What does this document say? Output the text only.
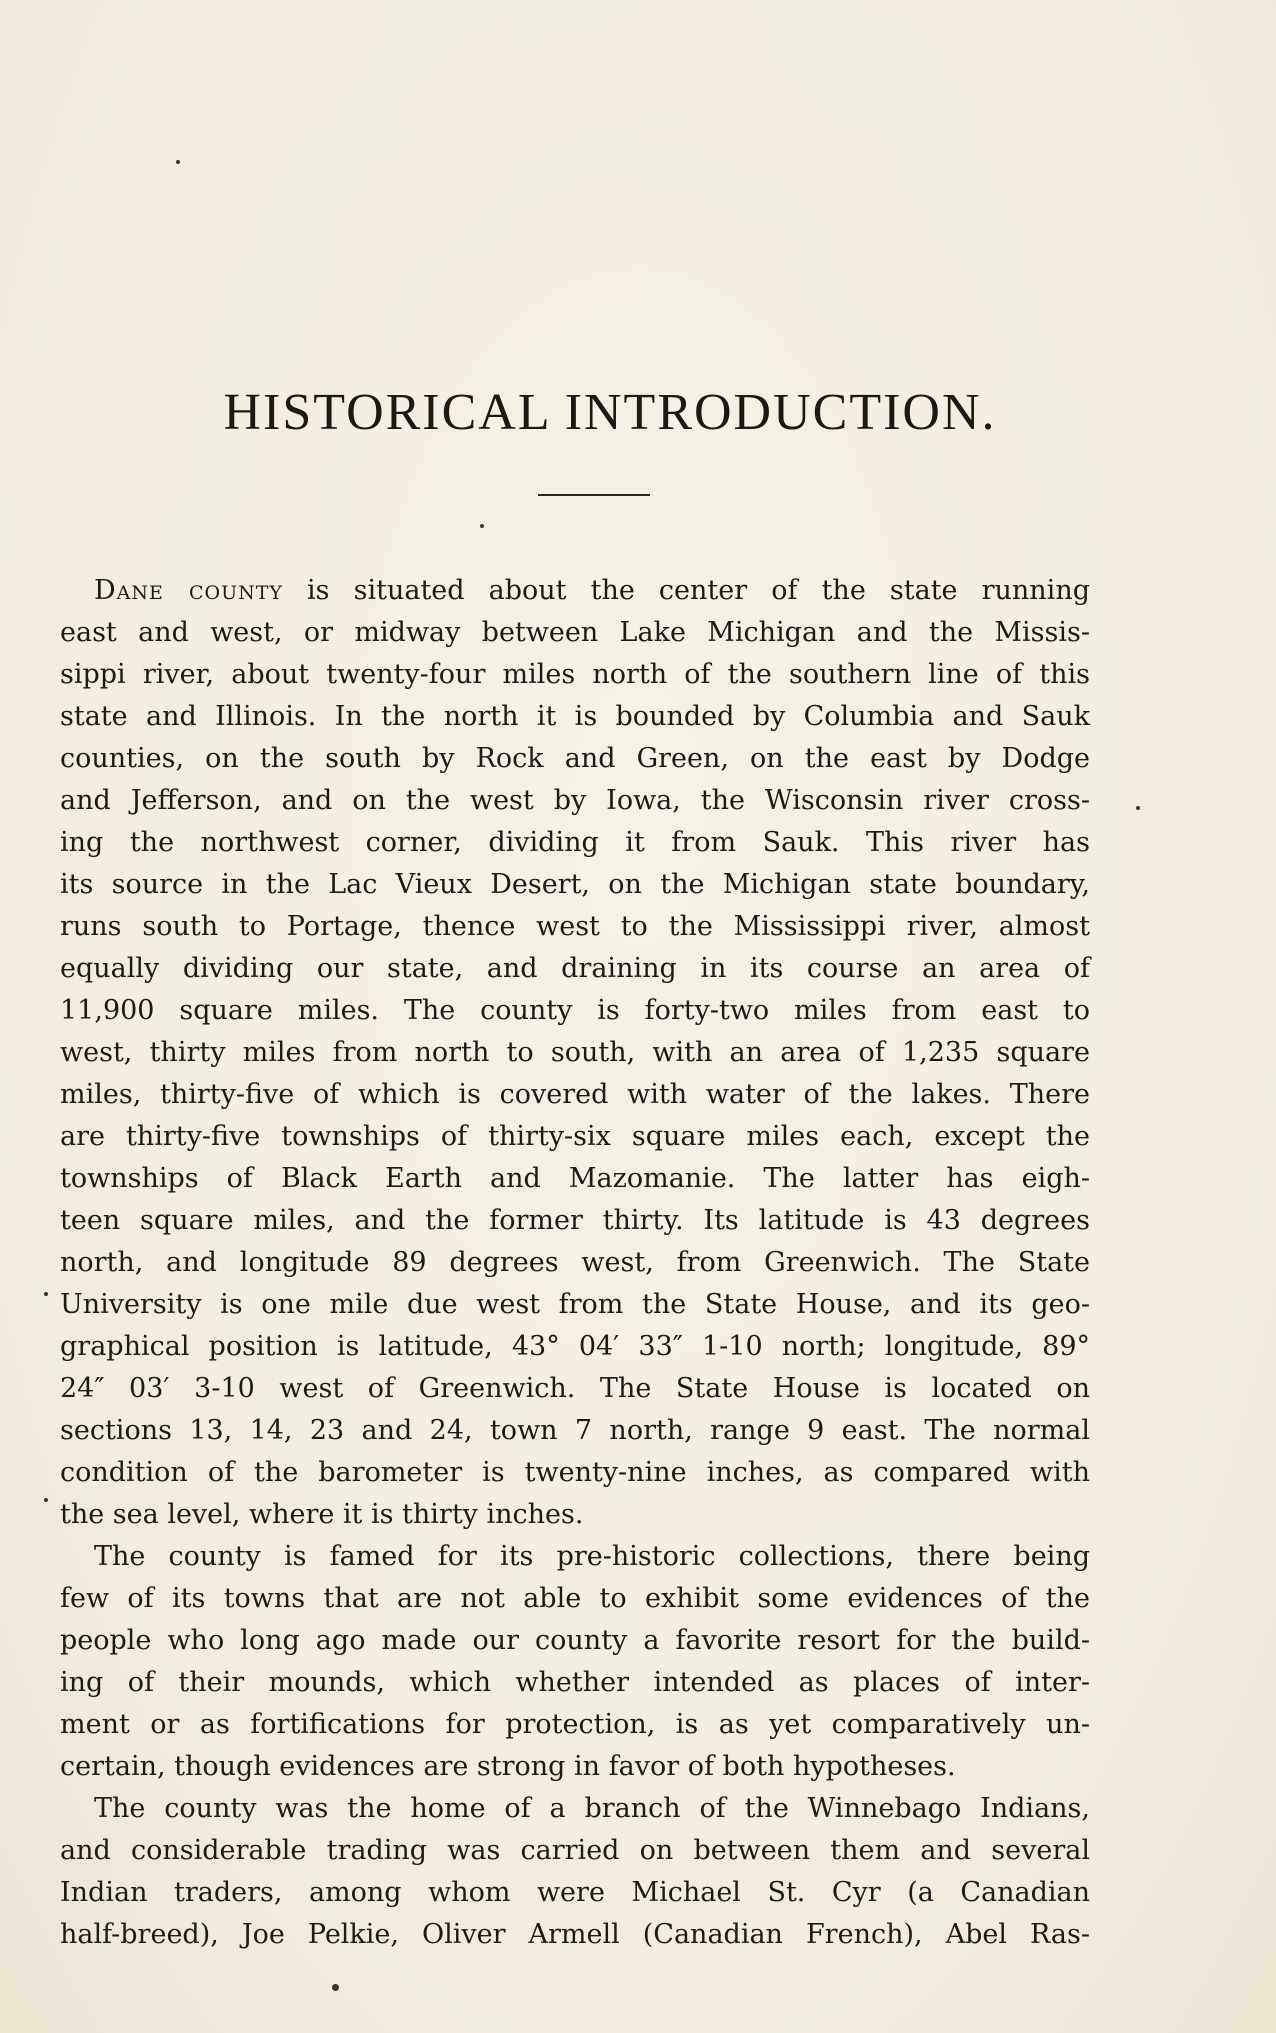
HISTORICAL INTRODUCTION.
Dane county is situated about the center of the state running
east and west, or midway between Lake Michigan and the Missis-
sippi river, about twenty-four miles north of the southern line of this
state and Illinois. In the north it is bounded by Columbia and Sauk
counties, on the south by Rock and Green, on the east by Dodge
and Jefferson, and on the west by Iowa, the Wisconsin river cross-
ing the northwest corner, dividing it from Sauk. This river has
its source in the Lac Vieux Desert, on the Michigan state boundary,
runs south to Portage, thence west to the Mississippi river, almost
equally dividing our state, and draining in its course an area of
11,900 square miles. The county is forty-two miles from east to
west, thirty miles from north to south, with an area of 1,235 square
miles, thirty-five of which is covered with water of the lakes. There
are thirty-five townships of thirty-six square miles each, except the
townships of Black Earth and Mazomanie. The latter has eigh-
teen square miles, and the former thirty. Its latitude is 43 degrees
north, and longitude 89 degrees west, from Greenwich. The State
University is one mile due west from the State House, and its geo-
graphical position is latitude, 43° 04′ 33″ 1-10 north; longitude, 89°
24″ 03′ 3-10 west of Greenwich. The State House is located on
sections 13, 14, 23 and 24, town 7 north, range 9 east. The normal
condition of the barometer is twenty-nine inches, as compared with
the sea level, where it is thirty inches.
The county is famed for its pre-historic collections, there being
few of its towns that are not able to exhibit some evidences of the
people who long ago made our county a favorite resort for the build-
ing of their mounds, which whether intended as places of inter-
ment or as fortifications for protection, is as yet comparatively un-
certain, though evidences are strong in favor of both hypotheses.
The county was the home of a branch of the Winnebago Indians,
and considerable trading was carried on between them and several
Indian traders, among whom were Michael St. Cyr (a Canadian
half-breed), Joe Pelkie, Oliver Armell (Canadian French), Abel Ras-
